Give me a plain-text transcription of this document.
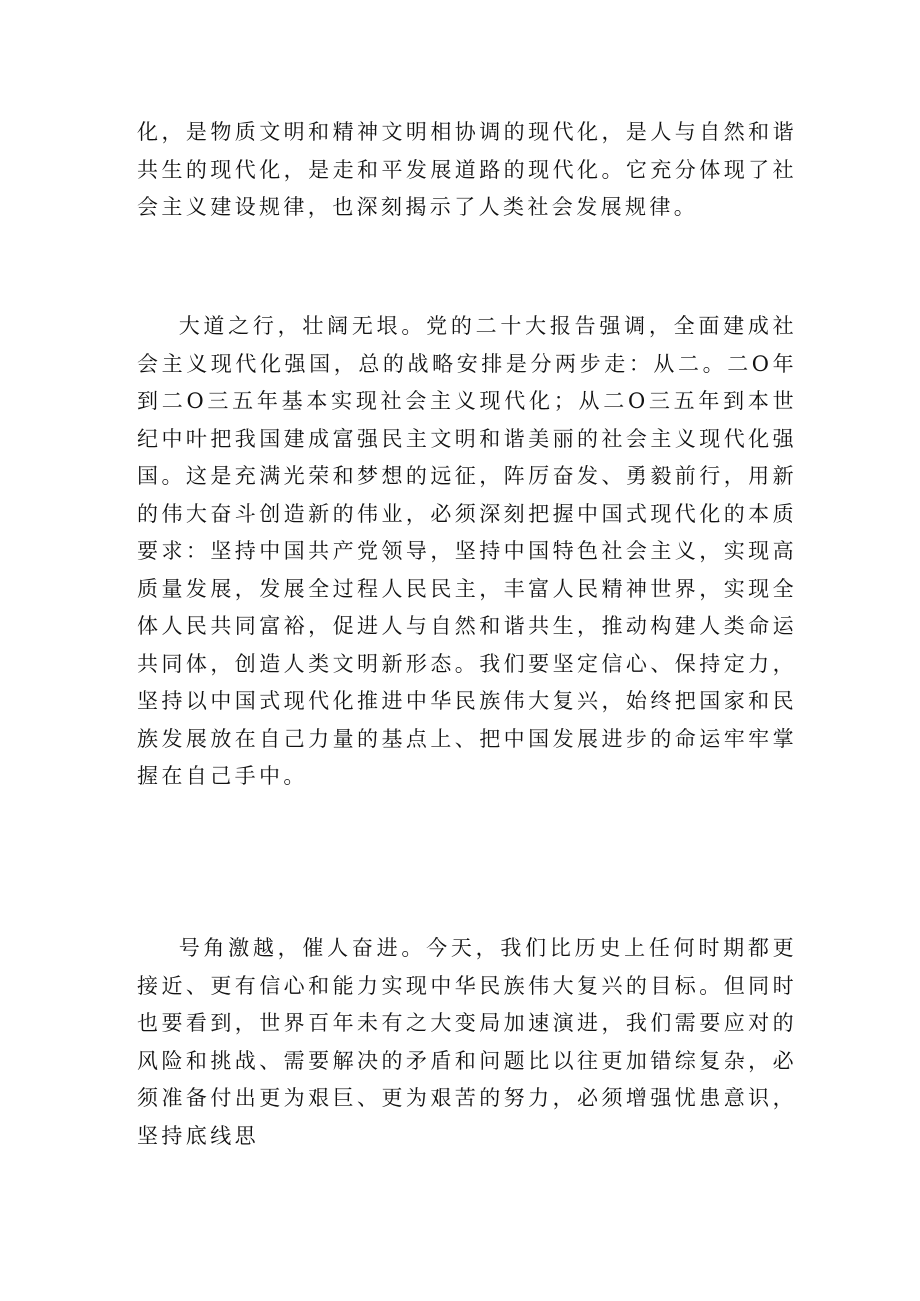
化，是物质文明和精神文明相协调的现代化，是人与自然和谐共生的现代化，是走和平发展道路的现代化。它充分体现了社会主义建设规律，也深刻揭示了人类社会发展规律。

大道之行，壮阔无垠。党的二十大报告强调，全面建成社会主义现代化强国，总的战略安排是分两步走：从二。二O年到二O三五年基本实现社会主义现代化；从二O三五年到本世纪中叶把我国建成富强民主文明和谐美丽的社会主义现代化强国。这是充满光荣和梦想的远征，阵厉奋发、勇毅前行，用新的伟大奋斗创造新的伟业，必须深刻把握中国式现代化的本质要求：坚持中国共产党领导，坚持中国特色社会主义，实现高质量发展，发展全过程人民民主，丰富人民精神世界，实现全体人民共同富裕，促进人与自然和谐共生，推动构建人类命运共同体，创造人类文明新形态。我们要坚定信心、保持定力，坚持以中国式现代化推进中华民族伟大复兴，始终把国家和民族发展放在自己力量的基点上、把中国发展进步的命运牢牢掌握在自己手中。

号角激越，催人奋进。今天，我们比历史上任何时期都更接近、更有信心和能力实现中华民族伟大复兴的目标。但同时也要看到，世界百年未有之大变局加速演进，我们需要应对的风险和挑战、需要解决的矛盾和问题比以往更加错综复杂，必须准备付出更为艰巨、更为艰苦的努力，必须增强忧患意识，坚持底线思
